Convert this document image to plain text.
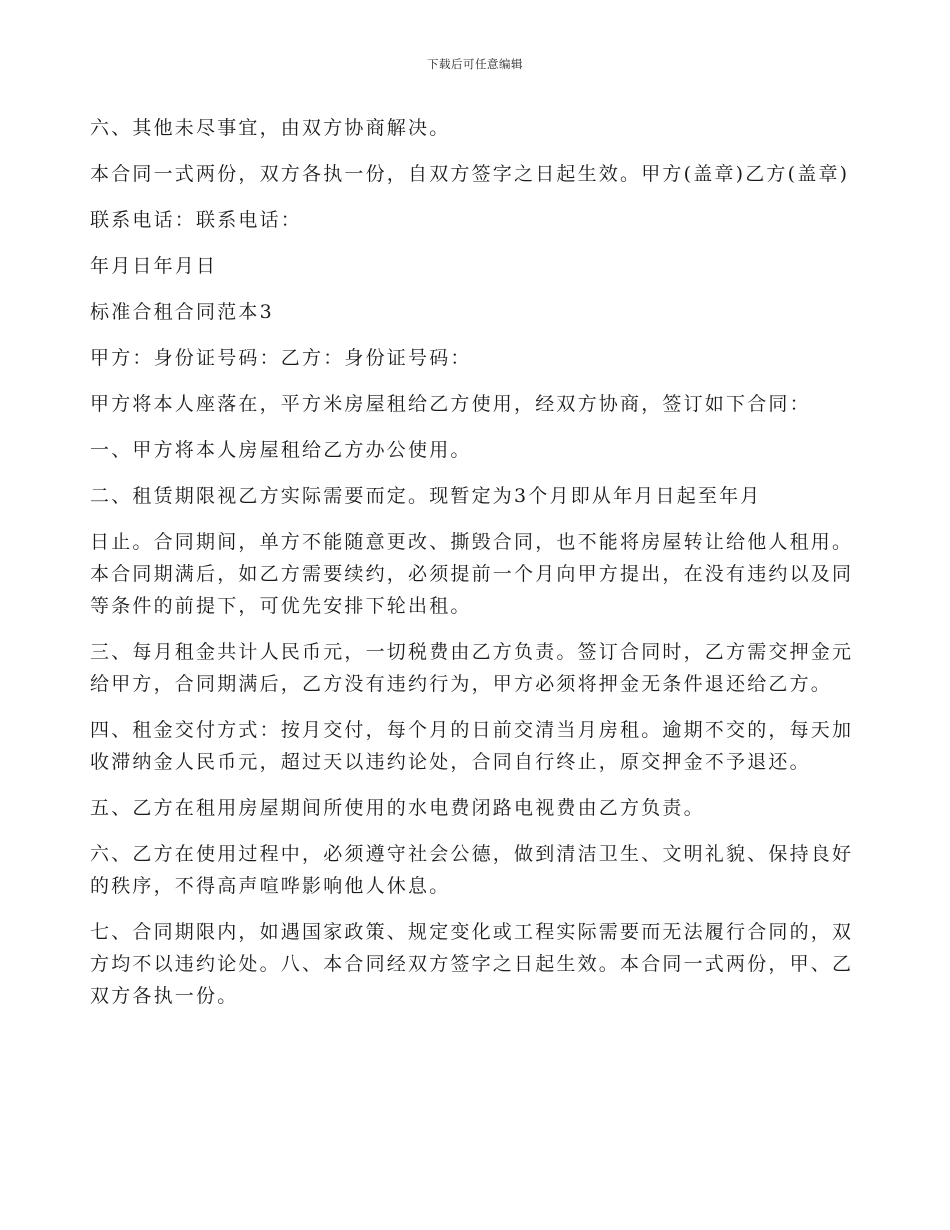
下载后可任意编辑

六、其他未尽事宜，由双方协商解决。

本合同一式两份，双方各执一份，自双方签字之日起生效。甲方(盖章)乙方(盖章)

联系电话：联系电话：

年月日年月日

标准合租合同范本3

甲方：身份证号码：乙方：身份证号码：

甲方将本人座落在，平方米房屋租给乙方使用，经双方协商，签订如下合同：

一、甲方将本人房屋租给乙方办公使用。

二、租赁期限视乙方实际需要而定。现暂定为3个月即从年月日起至年月

日止。合同期间，单方不能随意更改、撕毁合同，也不能将房屋转让给他人租用。本合同期满后，如乙方需要续约，必须提前一个月向甲方提出，在没有违约以及同等条件的前提下，可优先安排下轮出租。

三、每月租金共计人民币元，一切税费由乙方负责。签订合同时，乙方需交押金元给甲方，合同期满后，乙方没有违约行为，甲方必须将押金无条件退还给乙方。

四、租金交付方式：按月交付，每个月的日前交清当月房租。逾期不交的，每天加收滞纳金人民币元，超过天以违约论处，合同自行终止，原交押金不予退还。

五、乙方在租用房屋期间所使用的水电费闭路电视费由乙方负责。

六、乙方在使用过程中，必须遵守社会公德，做到清洁卫生、文明礼貌、保持良好的秩序，不得高声喧哗影响他人休息。

七、合同期限内，如遇国家政策、规定变化或工程实际需要而无法履行合同的，双方均不以违约论处。八、本合同经双方签字之日起生效。本合同一式两份，甲、乙双方各执一份。
